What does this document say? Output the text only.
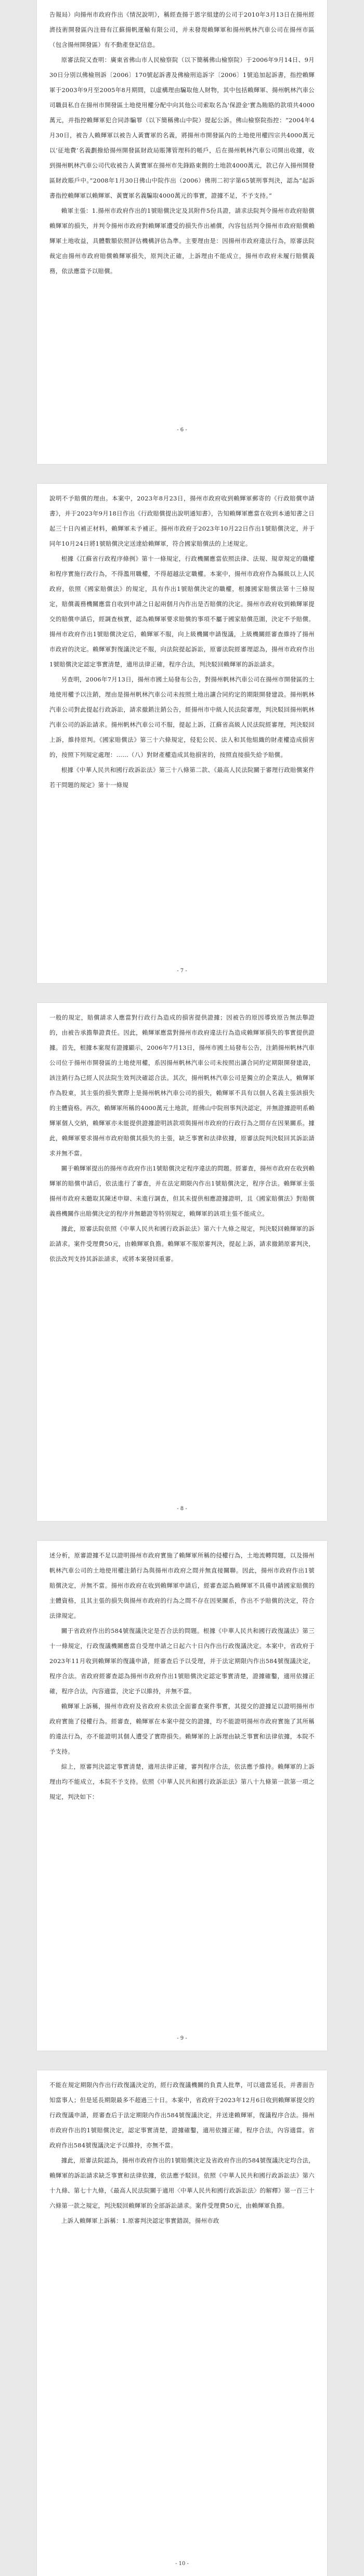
告報局）向揚州市政府作出《情況說明》，稱經查揚于恩字組建的公司于2010年3月13日在揚州經濟技術開發區內注冊有江蘇揚帆運輸有限公司，并未發現賴輝軍和揚州帆林汽車公司在揚州市區（包含揚州開發區）有不動產登記信息。

原審法院又查明：廣東省佛山市人民檢察院（以下簡稱佛山檢察院）于2006年9月14日、9月30日分別以佛檢刑訴〔2006〕170號起訴書及佛檢刑追訴字〔2006〕1號追加起訴書，指控賴輝軍于2003年9月至2005年8月期間，以虛構理由騙取他人財物，其中包括賴輝軍、揚州帆林汽車公司職員私自在揚州市開發區土地使用權分配中向其他公司索取名為'保證金'實為賄賂的款項共4000萬元，并指控賴輝軍犯合同詐騙罪（以下簡稱佛山中院）提起公訴。佛山檢察院指控：“2004年4月30日，被告人賴輝軍以被告人黃寶軍的名義，將揚州市開發區內的土地使用權四宗共4000萬元以‘征地費’名義劃撥給揚州開發區財政局賬簿管理科的帳戶，后在揚州帆林汽車公司開出收據，收到揚州帆林汽車公司代收被告人黃寶軍在揚州市先鋒路東側的土地款4000萬元，款已存入揚州開發區財政賬戶中。”2008年1月30日佛山中院作出（2006）佛刑二初字第65號刑事判決，認為“起訴書指控賴輝軍以賴輝軍、黃寶軍名義騙取4000萬元的事實，證據不足，不予支持。”

賴軍主張：1.揚州市政府作出的1號賠償決定及其附件5份具證，請求法院判令揚州市政府賠償賴輝軍的損失，并判令揚州市政府對賴輝軍遭受的損失作出補償，內容包括判令揚州市政府賠償賴輝軍土地收益，具體數額依照評估機構評估為準。主要理由是：因揚州市政府違法行為，原審法院裁定由揚州市政府賠償賴輝軍損失，原判決正確，上訴理由不能成立，揚州市政府未履行賠償義務，依法應當予以賠償。

- 6 -

說明不予賠償的理由。本案中，2023年8月23日，揚州市政府收到賴輝軍郵寄的《行政賠償申請書》，并于2023年9月18日作出《行政賠償提出說明通知書》，告知賴輝軍應當在收到本通知書之日起三十日內補正材料，賴輝軍未予補正。揚州市政府于2023年10月22日作出1號賠償決定，并于同年10月24日將1號賠償決定送達給賴輝軍，符合國家賠償法的上述規定。

根據《江蘇省行政程序條例》第十一條規定，行政機關應當依照法律、法規、規章規定的職權和程序實施行政行為，不得濫用職權，不得超越法定職權。本案中，揚州市政府作為縣級以上人民政府，依照《國家賠償法》的規定，具有作出1號賠償決定的職權，根據國家賠償法第十三條規定，賠償義務機關應當自收到申請之日起兩個月內作出是否賠償的決定。揚州市政府收到賴輝軍提交的賠償申請后，經調查核實，認為賴輝軍要求賠償的事項不屬于國家賠償范圍，決定不予賠償。揚州市政府作出1號賠償決定后，賴輝軍不服，向上級機關申請復議，上級機關經審查維持了揚州市政府的決定。賴輝軍對復議決定不服，向法院提起訴訟，原審法院經審理認為，揚州市政府作出1號賠償決定認定事實清楚，適用法律正確，程序合法，判決駁回賴輝軍的訴訟請求。

另查明，2006年7月13日，揚州市國土局發布公告，對揚州帆林汽車公司在揚州市開發區的土地使用權予以注銷，理由是揚州帆林汽車公司未按照土地出讓合同約定的期限開發建設。揚州帆林汽車公司對此提起行政訴訟，請求撤銷注銷公告，經揚州市中級人民法院審理，判決駁回揚州帆林汽車公司的訴訟請求。揚州帆林汽車公司不服，提起上訴，江蘇省高級人民法院經審理，判決駁回上訴，維持原判。《國家賠償法》第三十六條規定，侵犯公民、法人和其他組織的財產權造成損害的，按照下列規定處理：……（八）對財產權造成其他損害的，按照直接損失給予賠償。

根據《中華人民共和國行政訴訟法》第三十八條第二款、《最高人民法院關于審理行政賠償案件若干問題的規定》第十一條規

- 7 -

一般的規定，賠償請求人應當對行政行為造成的損害提供證據；因被告的原因導致原告無法舉證的，由被告承擔舉證責任。因此，賴輝軍應當對揚州市政府違法行為造成賴輝軍損失的事實提供證據。首先，根據本案現有證據顯示，2006年7月13日，揚州市國土局發布公告，注銷揚州帆林汽車公司位于揚州市開發區的土地使用權，系因揚州帆林汽車公司未按照出讓合同約定期限開發建設，該注銷行為已經人民法院生效判決確認合法。其次，揚州帆林汽車公司是獨立的企業法人，賴輝軍作為股東，其主張的損失實際上是揚州帆林汽車公司的損失，賴輝軍不具有以個人名義主張該損失的主體資格。再次，賴輝軍所稱的4000萬元土地款，經佛山中院刑事判決認定，并無證據證明系賴輝軍個人交納，賴輝軍亦未能提供證據證明該款項與揚州市政府的行政行為之間存在因果關系。據此，賴輝軍要求揚州市政府賠償其損失的主張，缺乏事實和法律依據，原審法院判決駁回其訴訟請求并無不當。

關于賴輝軍提出的揚州市政府作出1號賠償決定程序違法的問題。經審查，揚州市政府在收到賴輝軍的賠償申請后，依法進行了審查，并在法定期限內作出1號賠償決定，程序合法。賴輝軍主張揚州市政府未聽取其陳述申辯、未進行調查，但其未提供相應證據證明，且《國家賠償法》對賠償義務機關作出賠償決定的程序并無聽證等特別規定，賴輝軍的該項主張不能成立。

據此，原審法院依照《中華人民共和國行政訴訟法》第六十九條之規定，判決駁回賴輝軍的訴訟請求。案件受理費50元，由賴輝軍負擔。賴輝軍不服原審判決，提起上訴，請求撤銷原審判決，依法改判支持其訴訟請求，或將本案發回重審。

- 8 -

述分析，原審證據不足以證明揚州市政府實施了賴輝軍所稱的侵權行為，土地流轉問題，以及揚州帆林汽車公司的土地使用權注銷行為與揚州市政府之間并無直接關聯。因此，揚州市政府作出1號賠償決定，并無不當。揚州市政府在收到賴輝軍申請后，經審查認為賴輝軍不具備申請國家賠償的主體資格，且其主張的損失與揚州市政府的行為之間不存在因果關系，作出不予賠償的決定，符合法律規定。

關于省政府作出的584號復議決定是否合法的問題。根據《中華人民共和國行政復議法》第三十一條規定，行政復議機關應當自受理申請之日起六十日內作出行政復議決定。本案中，省政府于2023年11月收到賴輝軍的復議申請，經審查后予以受理，并于法定期限內作出584號復議決定，程序合法。省政府經審查認為揚州市政府作出1號賠償決定認定事實清楚，證據確鑿，適用依據正確，程序合法，內容適當，決定予以維持，并無不當。

賴輝軍上訴稱，揚州市政府及省政府未依法全面審查案件事實，其提交的證據足以證明揚州市政府實施了侵權行為。經審查，賴輝軍在本案中提交的證據，均不能證明揚州市政府實施了其所稱的違法行為，亦不能證明其個人遭受了實際損失。賴輝軍的上訴理由缺乏事實和法律依據，本院不予支持。

綜上，原審判決認定事實清楚，適用法律正確，審判程序合法，依法應予維持。賴輝軍的上訴理由均不能成立，本院不予支持。依照《中華人民共和國行政訴訟法》第八十九條第一款第一項之規定，判決如下：

- 9 -

不能在規定期限內作出行政復議決定的，經行政復議機關的負責人批準，可以適當延長，并書面告知當事人；但是延長期限最多不超過三十日。本案中，省政府于2023年12月6日收到賴輝軍提交的行政復議申請，經審查后于法定期限內作出584號復議決定，并送達賴輝軍，復議程序合法。揚州市政府作出的1號賠償決定，認定事實清楚，證據確鑿，適用依據正確，程序合法，內容適當。省政府作出584號復議決定予以維持，亦無不當。

據此，原審法院認為，揚州市政府作出的1號賠償決定及省政府作出的584號復議決定均合法，賴輝軍的訴訟請求缺乏事實和法律依據，依法應予駁回。依照《中華人民共和國行政訴訟法》第六十九條、第七十九條，《最高人民法院關于適用〈中華人民共和國行政訴訟法〉的解釋》第一百三十六條第一款之規定，判決駁回賴輝軍的全部訴訟請求。案件受理費50元，由賴輝軍負擔。

上訴人賴輝軍上訴稱：1.原審判決認定事實錯誤，揚州市政

- 10 -
